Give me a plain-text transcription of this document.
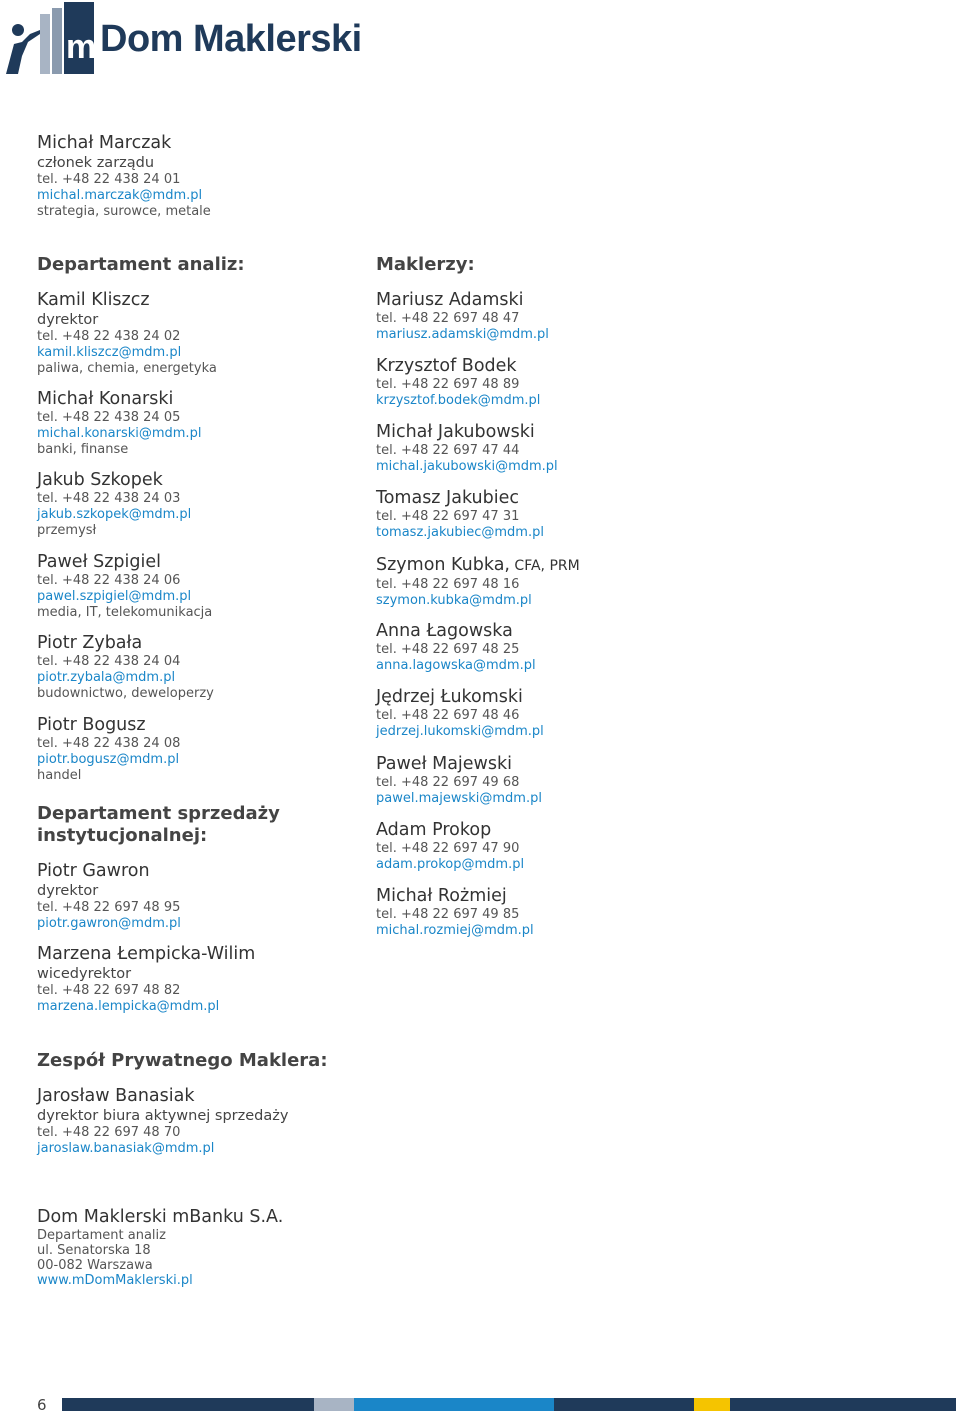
m Dom Maklerski
Michał Marczak
członek zarządu
tel. +48 22 438 24 01
michal.marczak@mdm.pl
strategia, surowce, metale
Departament analiz:
Kamil Kliszcz
dyrektor
tel. +48 22 438 24 02
kamil.kliszcz@mdm.pl
paliwa, chemia, energetyka
Michał Konarski
tel. +48 22 438 24 05
michal.konarski@mdm.pl
banki, finanse
Jakub Szkopek
tel. +48 22 438 24 03
jakub.szkopek@mdm.pl
przemysł
Paweł Szpigiel
tel. +48 22 438 24 06
pawel.szpigiel@mdm.pl
media, IT, telekomunikacja
Piotr Zybała
tel. +48 22 438 24 04
piotr.zybala@mdm.pl
budownictwo, deweloperzy
Piotr Bogusz
tel. +48 22 438 24 08
piotr.bogusz@mdm.pl
handel
Departament sprzedaży
instytucjonalnej:
Piotr Gawron
dyrektor
tel. +48 22 697 48 95
piotr.gawron@mdm.pl
Marzena Łempicka-Wilim
wicedyrektor
tel. +48 22 697 48 82
marzena.lempicka@mdm.pl
Maklerzy:
Mariusz Adamski
tel. +48 22 697 48 47
mariusz.adamski@mdm.pl
Krzysztof Bodek
tel. +48 22 697 48 89
krzysztof.bodek@mdm.pl
Michał Jakubowski
tel. +48 22 697 47 44
michal.jakubowski@mdm.pl
Tomasz Jakubiec
tel. +48 22 697 47 31
tomasz.jakubiec@mdm.pl
Szymon Kubka, CFA, PRM
tel. +48 22 697 48 16
szymon.kubka@mdm.pl
Anna Łagowska
tel. +48 22 697 48 25
anna.lagowska@mdm.pl
Jędrzej Łukomski
tel. +48 22 697 48 46
jedrzej.lukomski@mdm.pl
Paweł Majewski
tel. +48 22 697 49 68
pawel.majewski@mdm.pl
Adam Prokop
tel. +48 22 697 47 90
adam.prokop@mdm.pl
Michał Rożmiej
tel. +48 22 697 49 85
michal.rozmiej@mdm.pl
Zespół Prywatnego Maklera:
Jarosław Banasiak
dyrektor biura aktywnej sprzedaży
tel. +48 22 697 48 70
jaroslaw.banasiak@mdm.pl
Dom Maklerski mBanku S.A.
Departament analiz
ul. Senatorska 18
00-082 Warszawa
www.mDomMaklerski.pl
6
